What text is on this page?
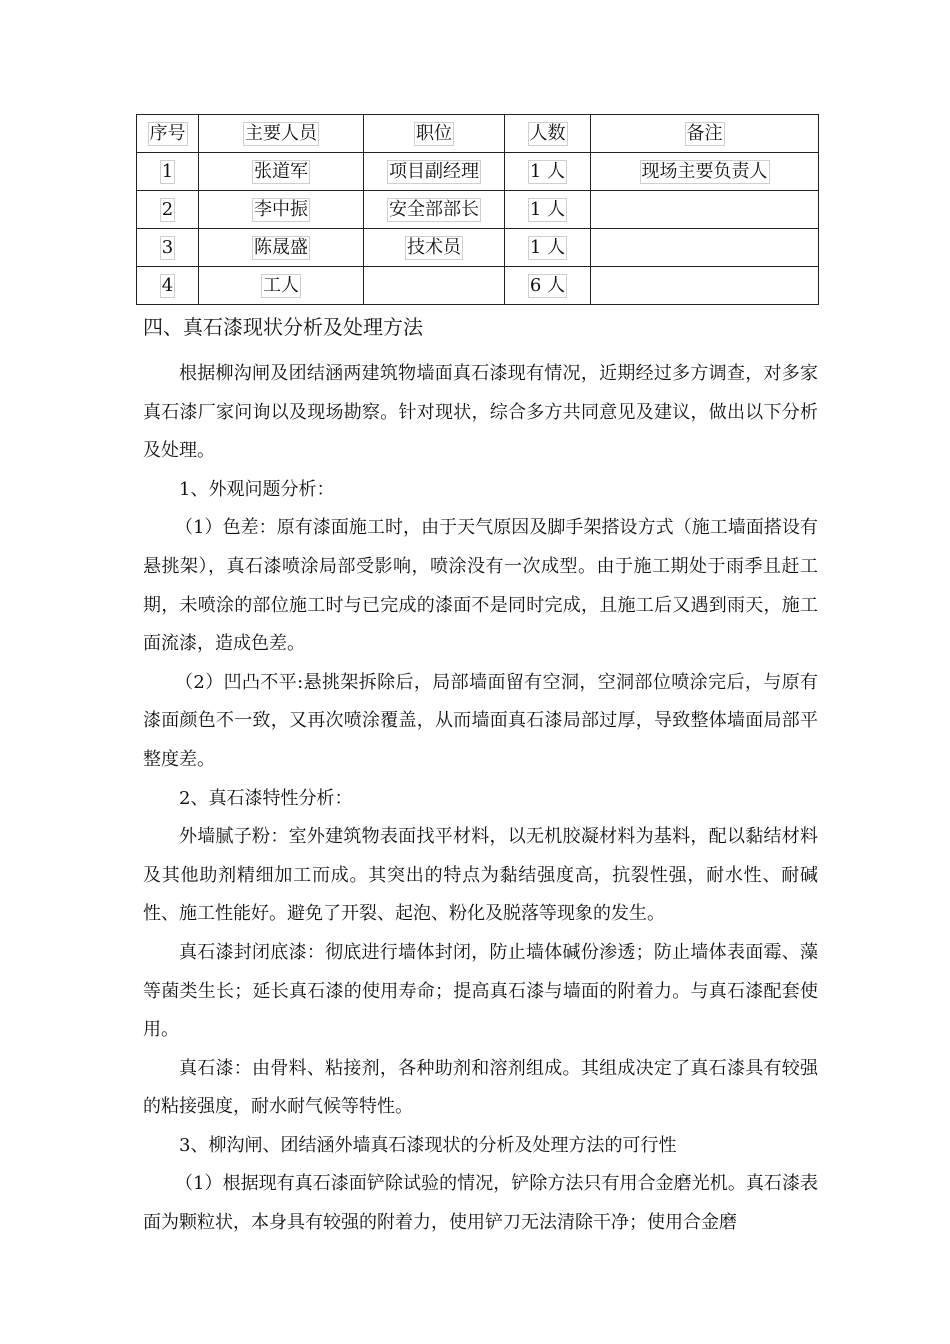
序号	主要人员	职位	人数	备注
1	张道军	项目副经理	1 人	现场主要负责人
2	李中振	安全部部长	1 人	
3	陈晟盛	技术员	1 人	
4	工人		6 人	
四、真石漆现状分析及处理方法

根据柳沟闸及团结涵两建筑物墙面真石漆现有情况，近期经过多方调查，对多家真石漆厂家问询以及现场勘察。针对现状，综合多方共同意见及建议，做出以下分析及处理。

1、外观问题分析：

（1）色差：原有漆面施工时，由于天气原因及脚手架搭设方式（施工墙面搭设有悬挑架），真石漆喷涂局部受影响，喷涂没有一次成型。由于施工期处于雨季且赶工期，未喷涂的部位施工时与已完成的漆面不是同时完成，且施工后又遇到雨天，施工面流漆，造成色差。

（2）凹凸不平:悬挑架拆除后，局部墙面留有空洞，空洞部位喷涂完后，与原有漆面颜色不一致，又再次喷涂覆盖，从而墙面真石漆局部过厚，导致整体墙面局部平整度差。

2、真石漆特性分析：

外墙腻子粉：室外建筑物表面找平材料，以无机胶凝材料为基料，配以黏结材料及其他助剂精细加工而成。其突出的特点为黏结强度高，抗裂性强，耐水性、耐碱性、施工性能好。避免了开裂、起泡、粉化及脱落等现象的发生。

真石漆封闭底漆：彻底进行墙体封闭，防止墙体碱份渗透；防止墙体表面霉、藻等菌类生长；延长真石漆的使用寿命；提高真石漆与墙面的附着力。与真石漆配套使用。

真石漆：由骨料、粘接剂，各种助剂和溶剂组成。其组成决定了真石漆具有较强的粘接强度，耐水耐气候等特性。

3、柳沟闸、团结涵外墙真石漆现状的分析及处理方法的可行性

（1）根据现有真石漆面铲除试验的情况，铲除方法只有用合金磨光机。真石漆表面为颗粒状，本身具有较强的附着力，使用铲刀无法清除干净；使用合金磨
